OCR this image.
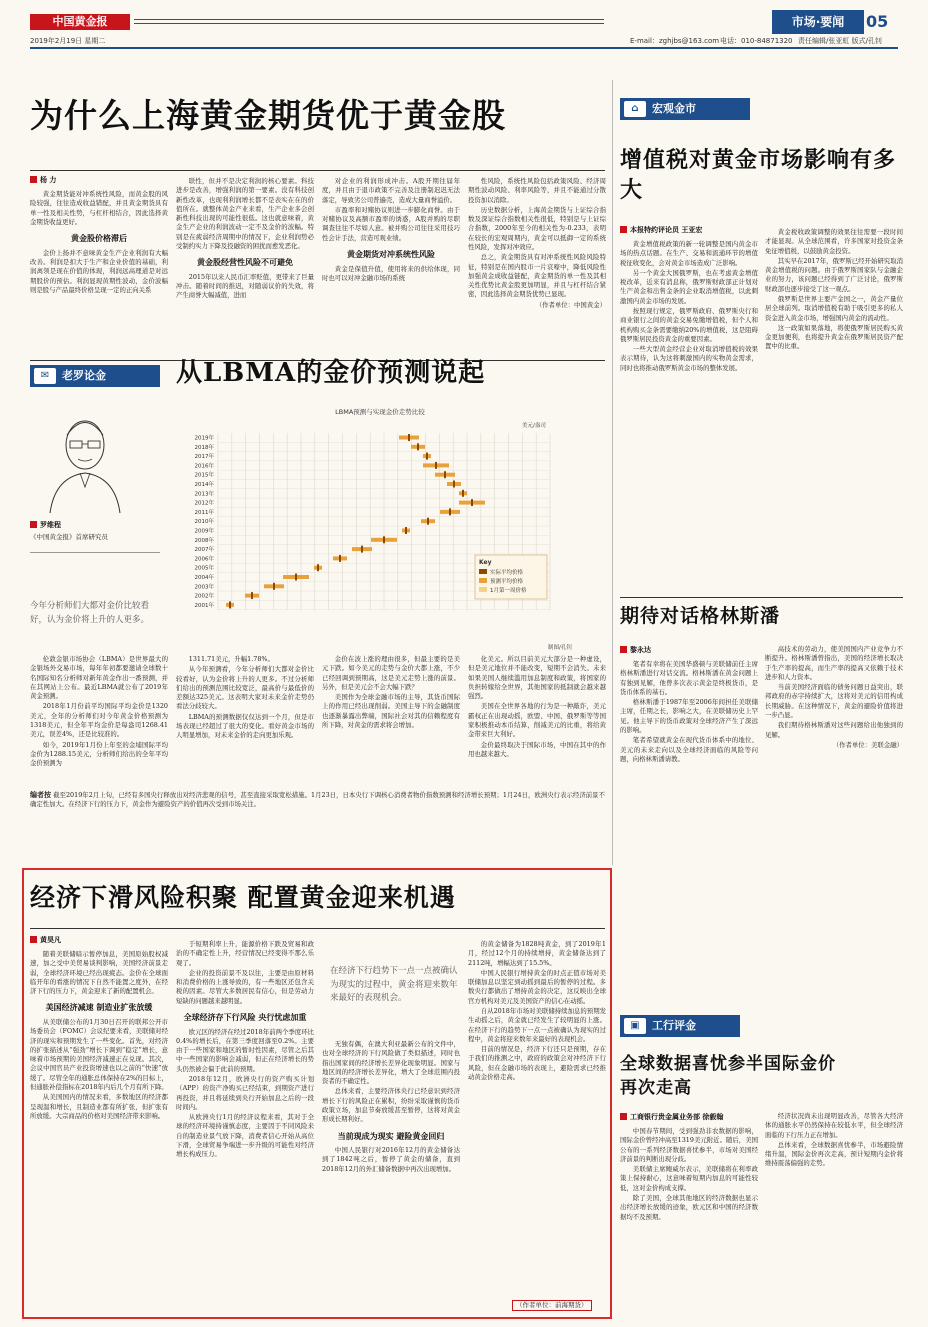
中国黄金报	市场·要闻	05
2019年2月19日 星期二	E-mail：zghjbs@163.com 电话：010-84871320 责任编辑/张亚虹 版式/孔钊
为什么上海黄金期货优于黄金股
杨 力

黄金期货能对冲系统性风险，而黄金股的风险较强，往往造成收益错配，并且黄金期货具有单一性及相关性势，与杠杆相结合，因此选择黄金期货收益更好。

黄金股价格滞后

金价上扬并不意味黄金生产企业利润有大幅改善。利润是扣大于生产和企业价值的基础，利润离领是现在价值的体现，利润远高理道是对远期股价的预估。利润显现黄期性波动，金价波幅则是股与产品最终价格呈现一定的正向关系

联性，但并不是决定利润的核心要素。科技进步是改善，增强利润的第一要素。没有科技创新性改革，也现利利润增长都不是表实在在的价值所在。就整体黄金产业来看，生产企业多会创新性科技出现的可能性很低。这也就意味着，黄金生产企业的利润波动一定不及金价的波幅。特别是在疲弱经济周期中的情况下，企业利润势必受制约实力下降及投融资的困扰而愈发恶化。

黄金股经营性风险不可避免

2015年以来人民币汇率贬值，更带来了巨量冲击。随着时间的推迟，对随弱议价的失效，将产生商誉大幅减值，进而

对企业的利润形成冲击。A股开期往届年度，并且由于退市政策不完善及注册制迟迟无法落定，导致劣公司普遍壳，造成大量商誉溢价。

市盈率和对赌协议则进一步膨化商誉。由于对赌协议及高额市盈率的诱惑，A股并购的尽职调查往往不尽如人意。被并购公司往往采用技巧性会计手法，营造可观业绩。

黄金期货对冲系统性风险

黄金是保值升值，使用将来的供给体现，同时也可以对冲金融市场的系统

性风险，系统性风险包括政策风险、经济周期性波动风险、利率风险等，并且不能通过分散投资加以消除。

历史数据分析，上海黄金期货与上证综合指数及深证综合指数相关性很低，特别是与上证综合指数，2000年至今的相关性为-0.233，表明在较长的宏观周期内，黄金可以抵御一定的系统性风险，发挥对冲效应。

总之，黄金期货具有对冲系统性风险风险特征，特别是在国内股市一片哀嚎中，降低风险性加强黄金成收益链配，黄金期货的单一性及其相关性优势比黄金股更加明显，并且与杠杆结合紧密，因此选择黄金期货优势已显现。

（作者单位：中国黄金）
✉	老罗论金	从LBMA的金价预测说起
罗维程
《中国黄金报》首席研究员
今年分析师们大都对金价比较看好，认为金价将上升的人更多。
LBMA预测与实现金价走势比较
美元/盎司
2019年
2018年
2017年
2016年
2015年
2014年
2013年
2012年
2011年
2010年
2009年
2008年
2007年
2006年
2005年
2004年
2003年
2002年
2001年
Key
实际平均价格
预测平均价格
1月第一周价格
制图/孔钊

伦敦金银市场协会（LBMA）是世界最大的金银场外交易市场，每年年初都要邀请全球数十名国际知名分析师对新年黄金作出一番预测，并在其网站上公布。最近LBMA就公布了2019年黄金预测。

2018年1月份前平均国际平均金价是1320美元，全年的分析师们对今年黄金价格预测为1318美元，但全年平均金价是每盎司1268.41美元，误差4%，还是比较准的。

如今，2019年1月份上年至的金埔国际平均金价为1288.15美元，分析师们给出的全年平均金价预测为

1311.71美元，升幅1.78%。

从今年预测看，今年分析师们大都对金价比较看好，认为金价将上升的人更多。不过分析师们给出的预测范围比较宽泛，最高价与最低价的差额达325美元。这表明大家对未来金价走势仍看法分歧较大。

LBMA的预测数据仅仅达到一个月，但是市场表现已经超过了很大的变化。看好黄金市场的人明显增加，对未来金价的走向更加乐观。

金价在波上涨的理由很多，但最主要的是美元下跌。如今美元的走势与金价大都上涨，不少已经回调到预期高，这是美元走势上涨的前景。另外，但是美元会不会大幅下跌？

美国作为全球金融市场的主导，其货币国际上的作用已经出现削弱。美国主导下的金融制度也逐渐暴露出弊端，国际社会对其的信赖程度有所下降，对黄金的需求将会增加。

化美元。所以目前美元大部分是一种虚设，但是美元地位并不能改变，短期不会消失。未来如果美国人继续滥用加息制度和政策，将国家的负担转嫁给全世界，其他国家的抵制就会越来越强烈。

美国在全世界各地的行为是一种敲诈，美元霸权正在出现动摇，欧盟、中国、俄罗斯等等国家积极推动本币结算，削减美元的比重，将给黄金带来巨大利好。

金价最终取决于国际市场，中国在其中的作用也越来越大。

编者按 截至2019年2月上旬，已经有多国央行释放出对经济悲观的信号，甚至直接采取宽松措施。1月23日，日本央行下调核心消费者物价指数预测和经济增长预期；1月24日，欧洲央行表示经济前景不确定性加大。在经济下行的压力下，黄金作为避险资产的价值再次受到市场关注。
经济下滑风险积聚 配置黄金迎来机遇
黄昊凡

随着美联储暗示暂停加息，美国原始股权减速，加之受中美贸易谈判影响，美国经济前景走弱，全球经济环境已经出现疲态。金价在全球面临开年的看涨的情况下自然不能置之度外，在经济下行的压力下，黄金迎来了新的配置机会。

美国经济减速 制造业扩张放缓

从美联储公布的1月30日召开的联邦公开市场委员会（FOMC）会议纪要来看，美联储对经济的现实和预期发生了一些变化。首先，对经济的扩张描述从“强劲”增长下调到“稳定”增长，意味着市场预期的美国经济减速正在兑现。其次，会议中国官员产业投资增速也以之前的“快速”放缓了。尽管全年的通胀总体保持在2%的目标上，但通胀补偿指标在2018年内后几个月有所下降。

从美国国内的情况来看，多数地区的经济都呈现温和增长，且制造业都有所扩张，但扩张有所放缓。大宗商品的价格对美国经济带来影响。

于短期利率上升，能源价格下跌及贸易和政治的不确定性上升，经营情况已经变得不那么乐观了。

企业的投资前景不及以往，主要是由原材料和消费价格的上涨导致的，有一些地区还包含关税的因素。尽管大多数居民有信心，但是劳动力短缺的问题越来越明显。

全球经济存下行风险 央行忧虑加重

欧元区的经济在经过2018年前两个季度环比0.4%的增长后，在第三季度回落至0.2%。主要由于一些国家和地区的暂时性因素，尽管之后其中一些国家的影响会减弱，但正在经济增长的势头仍然被会偏于此前的预期。

2018年12月，欧洲央行的资产购买计划（APP）的资产净购买已经结束，到期资产进行再投资，并且将延续到央行开始加息之后的一段时间内。

从欧洲央行1月的经济议程来看，其对于全球的经济环境持谨慎态度，主要因于不同风险来自的制造业景气放下降，消费者信心开始从高位下滑，全球贸易争端进一步升级的可能性对经济增长构成压力。

在经济下行趋势下一点一点被确认为现实的过程中，黄金将迎来数年来最好的表现机会。

无独有偶，在澳大利亚最新公布的文件中，也对全球经济的下行风险做了类似描述，同时也指出国家间的经济增长差异化现象明显。国家与地区间的经济增长差异化，增大了全球范围内投资者的不确定性。

总体来看，主要经济体央行已经意识到经济增长下行的风险正在累积，纷纷采取谨慎的货币政策立场，加息节奏放缓甚至暂停，这将对黄金形成长期利好。

当前现成为现实 避险黄金回归

中国人民银行对2016年12月的黄金储备达到了1842吨之后，暂停了黄金的储备，直到2018年12月的外汇储备数据中再次出现增加。

的黄金储备为1828吨黄金，到了2019年1月，经过12个月的持续增持，黄金储备达到了2112吨，增幅达到了15.5%。

中国人民银行增持黄金的时点正值市场对美联储加息以坚定到动摇到最后的暂停的过程。多数央行都做出了增持黄金的决定，这反映出全球官方机构对美元及美国资产的信心在动摇。

自从2018年市场对美联储持续加息的预期发生动摇之后，黄金就已经发生了较明显的上涨。在经济下行的趋势下一点一点被确认为现实的过程中，黄金将迎来数年来最好的表现机会。

目前的情况是，经济下行还只是预期，存在于我们的推测之中，政府的政策会对冲经济下行风险，但在金融市场的表现上，避险需求已经推动黄金价格走高。

（作者单位：前海期货）
⌂	宏观金市
增值税对黄金市场影响有多大
本报特约评论员 王亚宏

黄金增值税政策的新一轮调整是国内黄金市场的热点话题。在生产、交易和流通环节的增值税征收变化，会对黄金市场造成广泛影响。

另一个黄金大国俄罗斯，也在考虑黄金增值税改革，近来有消息称，俄罗斯财政部正计划对生产黄金和出售金条的企业取消增值税，以此刺激国内黄金市场的发展。

按照现行规定，俄罗斯政府、俄罗斯央行和商业银行之间的黄金交易免缴增值税，但个人和机构购买金条需要缴纳20%的增值税，这是阻碍俄罗斯居民投资黄金的重要因素。

一些大型黄金经营企业对取消增值税的效果表示期待，认为这将刺激国内的实物黄金需求，同时也将推动俄罗斯黄金市场的整体发展。

黄金税收政策调整的效果往往需要一段时间才能显现。从全球范围看，许多国家对投资金条免征增值税，以鼓励黄金投资。

其实早在2017年，俄罗斯已经开始研究取消黄金增值税的问题。由于俄罗斯国家队与金融企业的努力，该问题已经得到了广泛讨论，俄罗斯财政部也逐步接受了这一观点。

俄罗斯是世界主要产金国之一，黄金产量位居全球前列。取消增值税有助于吸引更多的私人资金进入黄金市场，增强国内黄金的流动性。

这一政策如果落地，将使俄罗斯居民购买黄金更加便利，也将提升黄金在俄罗斯居民资产配置中的比重。

期待对话格林斯潘
黎永达

笔者有幸将在美国华盛顿与美联储前任主席格林斯潘进行对话交流。格林斯潘在黄金问题上有独到见解，他曾多次表示黄金是终极货币，是货币体系的基石。

格林斯潘于1987年至2006年间担任美联储主席，任期之长，影响之大，在美联储历史上罕见。他主导下的货币政策对全球经济产生了深远的影响。

笔者希望就黄金在现代货币体系中的地位、美元的未来走向以及全球经济面临的风险等问题，向格林斯潘请教。

高技术的劳动力，使美国国内产业竞争力不断提升。格林斯潘曾指出，美国的经济增长取决于生产率的提高，而生产率的提高又依赖于技术进步和人力资本。

当前美国经济面临的债务问题日益突出，联邦政府的赤字持续扩大，这将对美元的信用构成长期威胁。在这种情况下，黄金的避险价值将进一步凸显。

我们期待格林斯潘对这些问题给出他独到的见解。

（作者单位：美联金融）
▣	工行评金
全球数据喜忧参半国际金价再次走高
工商银行贵金属业务部 徐毅翰

中国春节期间，受到强劲非农数据的影响，国际金价曾经冲高至1319美元附近。随后，美国公布的一系列经济数据喜忧参半，市场对美国经济前景的判断出现分歧。

美联储主席鲍威尔表示，美联储将在利率政策上保持耐心，这意味着短期内加息的可能性较低，这对金价构成支撑。

除了美国，全球其他地区的经济数据也显示出经济增长放缓的迹象，欧元区和中国的经济数据均不及预期。

经济状况尚未出现明显改善，尽管各大经济体的通胀水平仍然保持在较低水平，但全球经济面临的下行压力正在增加。

总体来看，全球数据喜忧参半，市场避险情绪升温，国际金价再次走高，预计短期内金价将维持震荡偏强的走势。
